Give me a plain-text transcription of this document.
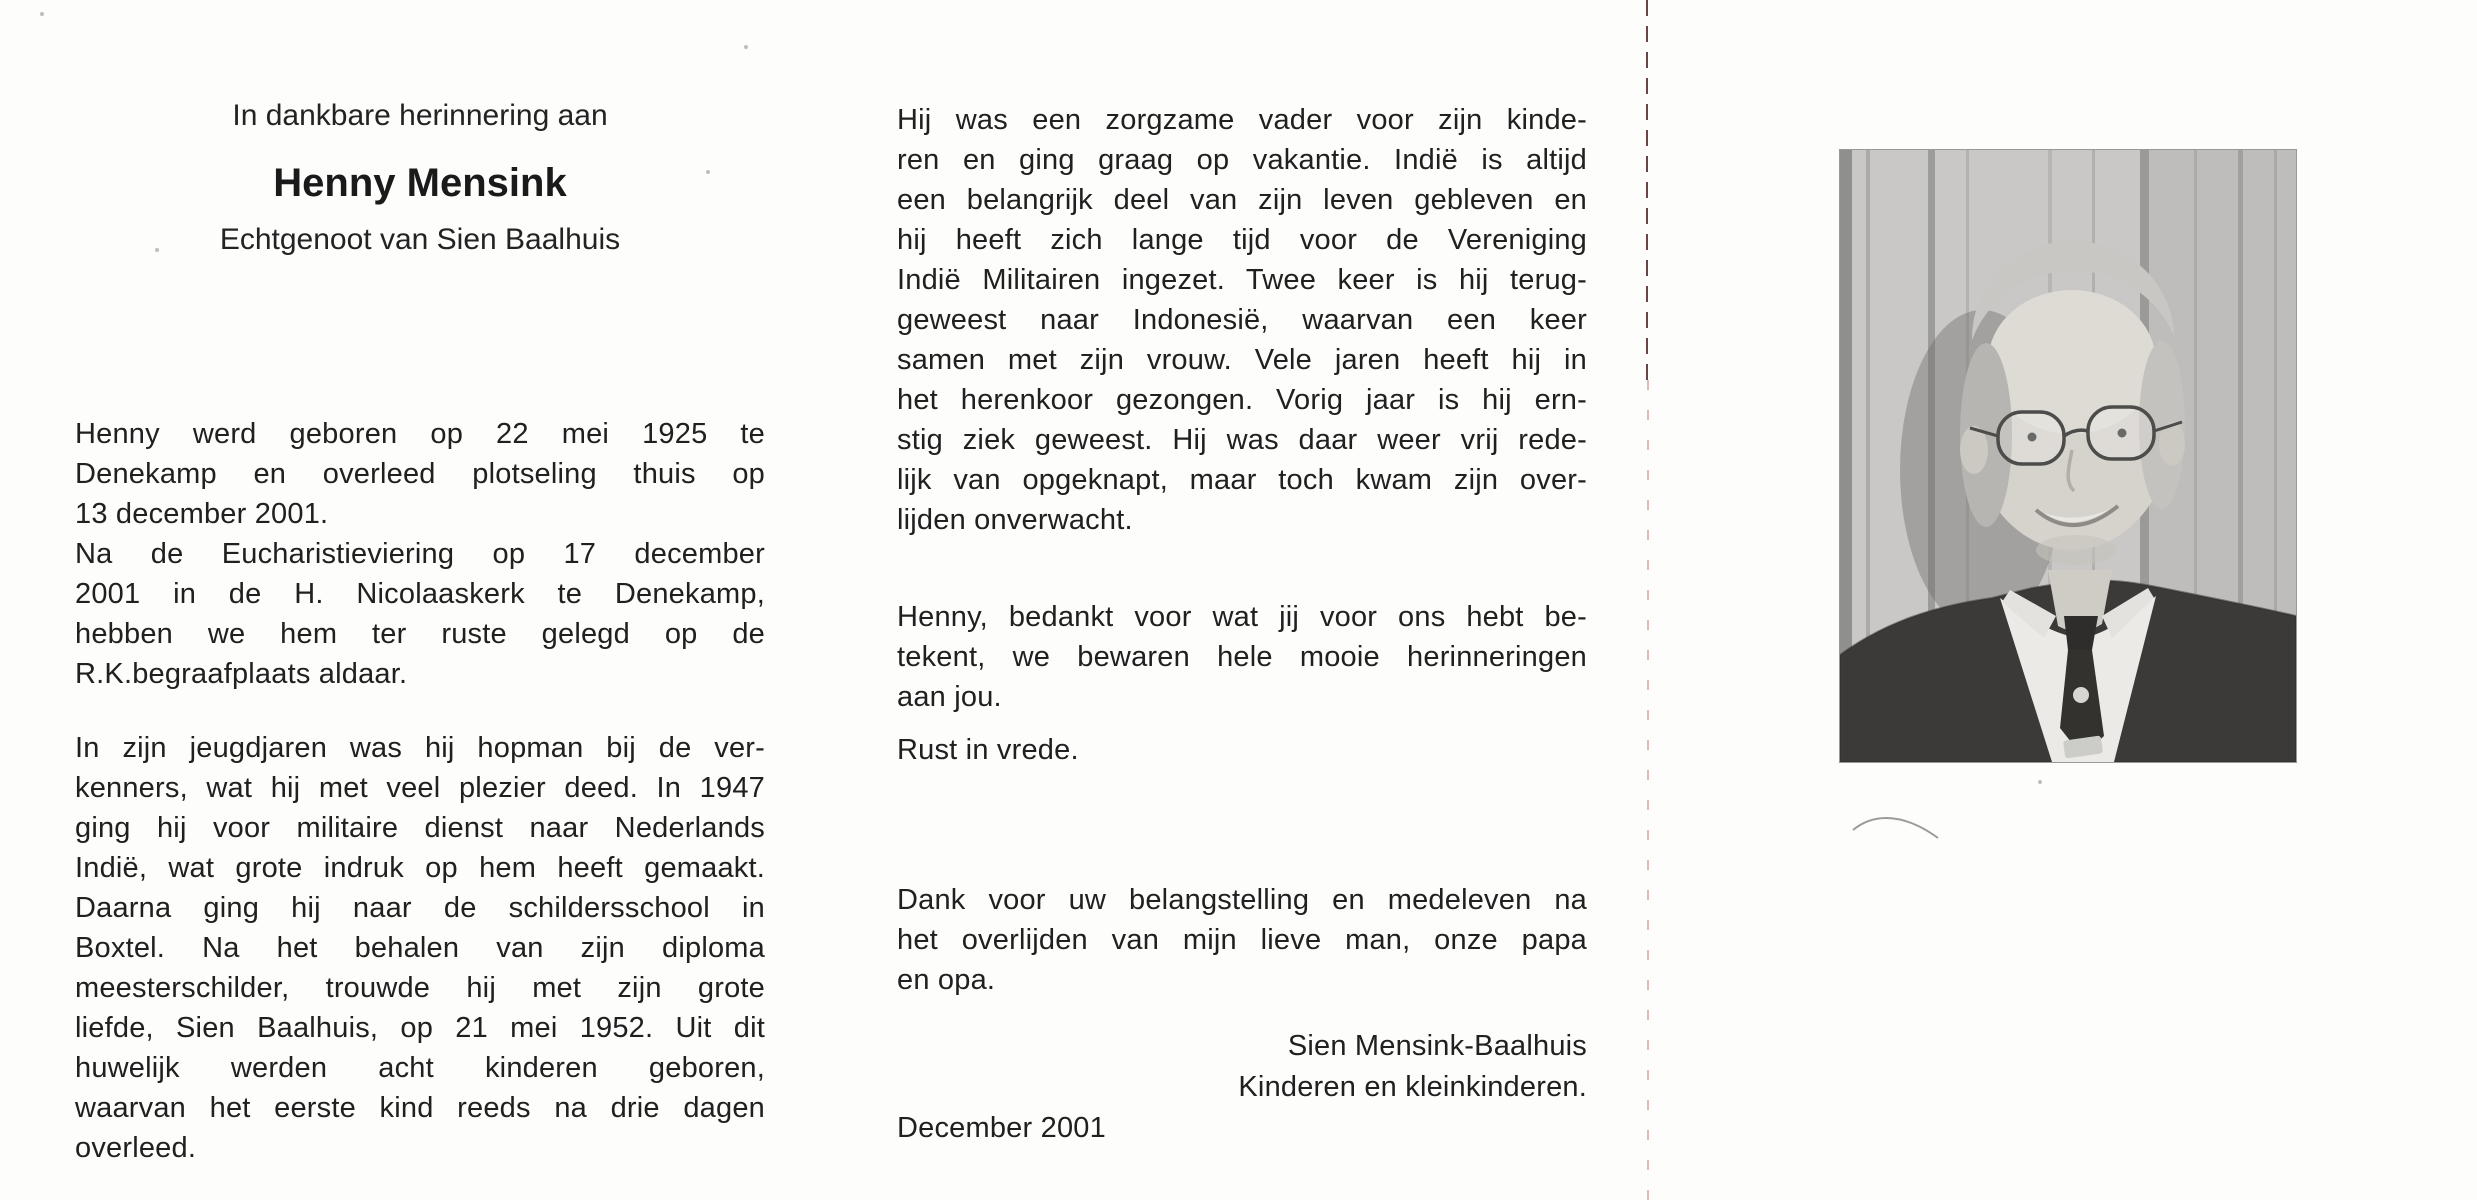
In dankbare herinnering aan
Henny Mensink
Echtgenoot van Sien Baalhuis
Henny werd geboren op 22 mei 1925 te
Denekamp en overleed plotseling thuis op
13 december 2001.
Na de Eucharistieviering op 17 december
2001 in de H. Nicolaaskerk te Denekamp,
hebben we hem ter ruste gelegd op de
R.K.begraafplaats aldaar.
In zijn jeugdjaren was hij hopman bij de ver-
kenners, wat hij met veel plezier deed. In 1947
ging hij voor militaire dienst naar Nederlands
Indië, wat grote indruk op hem heeft gemaakt.
Daarna ging hij naar de schildersschool in
Boxtel. Na het behalen van zijn diploma
meesterschilder, trouwde hij met zijn grote
liefde, Sien Baalhuis, op 21 mei 1952. Uit dit
huwelijk werden acht kinderen geboren,
waarvan het eerste kind reeds na drie dagen
overleed.
Hij was een zorgzame vader voor zijn kinde-
ren en ging graag op vakantie. Indië is altijd
een belangrijk deel van zijn leven gebleven en
hij heeft zich lange tijd voor de Vereniging
Indië Militairen ingezet. Twee keer is hij terug-
geweest naar Indonesië, waarvan een keer
samen met zijn vrouw. Vele jaren heeft hij in
het herenkoor gezongen. Vorig jaar is hij ern-
stig ziek geweest. Hij was daar weer vrij rede-
lijk van opgeknapt, maar toch kwam zijn over-
lijden onverwacht.
Henny, bedankt voor wat jij voor ons hebt be-
tekent, we bewaren hele mooie herinneringen
aan jou.
Rust in vrede.
Dank voor uw belangstelling en medeleven na
het overlijden van mijn lieve man, onze papa
en opa.
Sien Mensink-Baalhuis
Kinderen en kleinkinderen.
December 2001
